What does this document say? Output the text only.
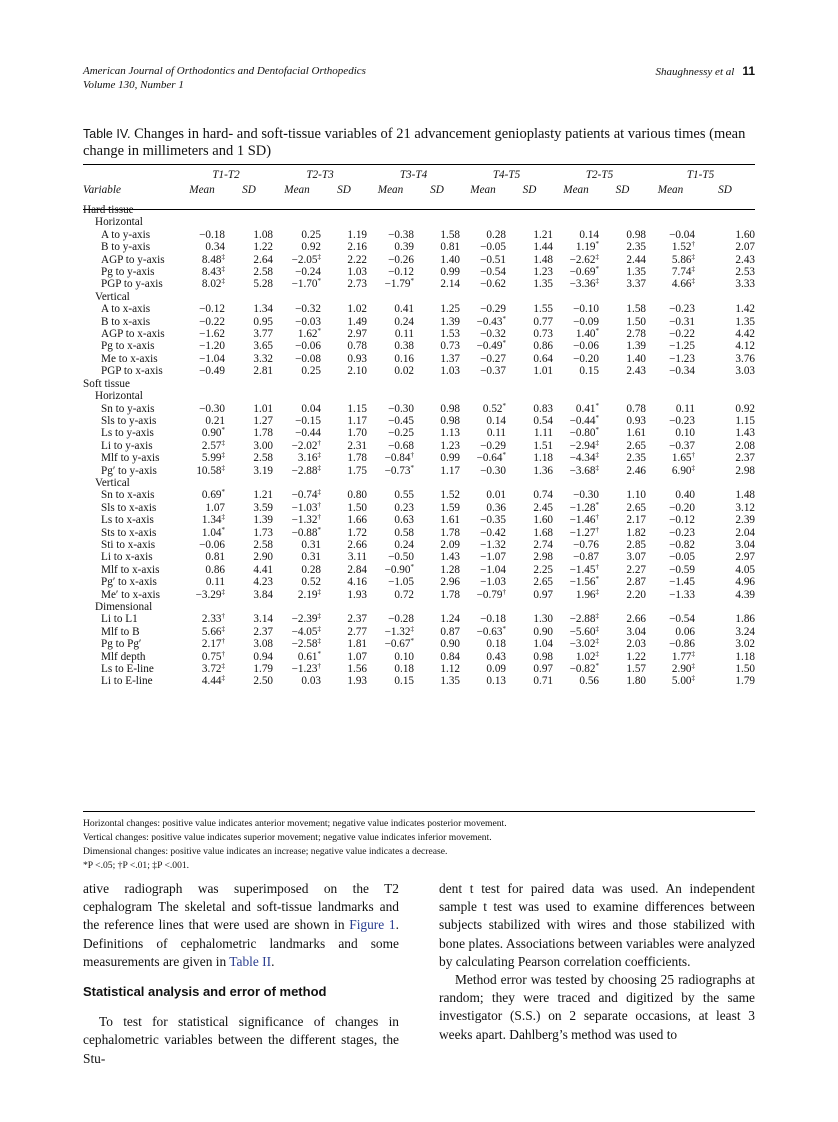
American Journal of Orthodontics and Dentofacial Orthopedics
Volume 130, Number 1
Shaughnessy et al 11
Table IV. Changes in hard- and soft-tissue variables of 21 advancement genioplasty patients at various times (mean change in millimeters and 1 SD)
	T1-T2		T2-T3		T3-T4		T4-T5		T2-T5		T1-T5		
Variable	Mean	SD	Mean	SD	Mean	SD	Mean	SD	Mean	SD	Mean	SD	

Hard tissue													
Horizontal													
A to y-axis	−0.18	1.08	0.25	1.19	−0.38	1.58	0.28	1.21	0.14	0.98	−0.04	1.60	
B to y-axis	0.34	1.22	0.92	2.16	0.39	0.81	−0.05	1.44	1.19*	2.35	1.52†	2.07	
AGP to y-axis	8.48‡	2.64	−2.05‡	2.22	−0.26	1.40	−0.51	1.48	−2.62‡	2.44	5.86‡	2.43	
Pg to y-axis	8.43‡	2.58	−0.24	1.03	−0.12	0.99	−0.54	1.23	−0.69*	1.35	7.74‡	2.53	
PGP to y-axis	8.02‡	5.28	−1.70*	2.73	−1.79*	2.14	−0.62	1.35	−3.36‡	3.37	4.66‡	3.33	
Vertical													
A to x-axis	−0.12	1.34	−0.32	1.02	0.41	1.25	−0.29	1.55	−0.10	1.58	−0.23	1.42	
B to x-axis	−0.22	0.95	−0.03	1.49	0.24	1.39	−0.43*	0.77	−0.09	1.50	−0.31	1.35	
AGP to x-axis	−1.62	3.77	1.62*	2.97	0.11	1.53	−0.32	0.73	1.40*	2.78	−0.22	4.42	
Pg to x-axis	−1.20	3.65	−0.06	0.78	0.38	0.73	−0.49*	0.86	−0.06	1.39	−1.25	4.12	
Me to x-axis	−1.04	3.32	−0.08	0.93	0.16	1.37	−0.27	0.64	−0.20	1.40	−1.23	3.76	
PGP to x-axis	−0.49	2.81	0.25	2.10	0.02	1.03	−0.37	1.01	0.15	2.43	−0.34	3.03	
Soft tissue													
Horizontal													
Sn to y-axis	−0.30	1.01	0.04	1.15	−0.30	0.98	0.52*	0.83	0.41*	0.78	0.11	0.92	
Sls to y-axis	0.21	1.27	−0.15	1.17	−0.45	0.98	0.14	0.54	−0.44*	0.93	−0.23	1.15	
Ls to y-axis	0.90*	1.78	−0.44	1.70	−0.25	1.13	0.11	1.11	−0.80*	1.61	0.10	1.43	
Li to y-axis	2.57‡	3.00	−2.02†	2.31	−0.68	1.23	−0.29	1.51	−2.94‡	2.65	−0.37	2.08	
Mlf to y-axis	5.99‡	2.58	3.16‡	1.78	−0.84†	0.99	−0.64*	1.18	−4.34‡	2.35	1.65†	2.37	
Pg′ to y-axis	10.58‡	3.19	−2.88‡	1.75	−0.73*	1.17	−0.30	1.36	−3.68‡	2.46	6.90‡	2.98	
Vertical													
Sn to x-axis	0.69*	1.21	−0.74‡	0.80	0.55	1.52	0.01	0.74	−0.30	1.10	0.40	1.48	
Sls to x-axis	1.07	3.59	−1.03†	1.50	0.23	1.59	0.36	2.45	−1.28*	2.65	−0.20	3.12	
Ls to x-axis	1.34‡	1.39	−1.32†	1.66	0.63	1.61	−0.35	1.60	−1.46†	2.17	−0.12	2.39	
Sts to x-axis	1.04*	1.73	−0.88*	1.72	0.58	1.78	−0.42	1.68	−1.27†	1.82	−0.23	2.04	
Sti to x-axis	−0.06	2.58	0.31	2.66	0.24	2.09	−1.32	2.74	−0.76	2.85	−0.82	3.04	
Li to x-axis	0.81	2.90	0.31	3.11	−0.50	1.43	−1.07	2.98	−0.87	3.07	−0.05	2.97	
Mlf to x-axis	0.86	4.41	0.28	2.84	−0.90*	1.28	−1.04	2.25	−1.45†	2.27	−0.59	4.05	
Pg′ to x-axis	0.11	4.23	0.52	4.16	−1.05	2.96	−1.03	2.65	−1.56*	2.87	−1.45	4.96	
Me′ to x-axis	−3.29‡	3.84	2.19‡	1.93	0.72	1.78	−0.79†	0.97	1.96‡	2.20	−1.33	4.39	
Dimensional													
Li to L1	2.33†	3.14	−2.39‡	2.37	−0.28	1.24	−0.18	1.30	−2.88‡	2.66	−0.54	1.86	
Mlf to B	5.66‡	2.37	−4.05‡	2.77	−1.32‡	0.87	−0.63*	0.90	−5.60‡	3.04	0.06	3.24	
Pg to Pg′	2.17†	3.08	−2.58‡	1.81	−0.67*	0.90	0.18	1.04	−3.02‡	2.03	−0.86	3.02	
Mlf depth	0.75†	0.94	0.61*	1.07	0.10	0.84	0.43	0.98	1.02‡	1.22	1.77‡	1.18	
Ls to E-line	3.72‡	1.79	−1.23†	1.56	0.18	1.12	0.09	0.97	−0.82*	1.57	2.90‡	1.50	
Li to E-line	4.44‡	2.50	0.03	1.93	0.15	1.35	0.13	0.71	0.56	1.80	5.00‡	1.79	
Horizontal changes: positive value indicates anterior movement; negative value indicates posterior movement.
Vertical changes: positive value indicates superior movement; negative value indicates inferior movement.
Dimensional changes: positive value indicates an increase; negative value indicates a decrease.
*P <.05; †P <.01; ‡P <.001.

ative radiograph was superimposed on the T2 cephalogram The skeletal and soft-tissue landmarks and the reference lines that were used are shown in Figure 1. Definitions of cephalometric landmarks and some measurements are given in Table II.

Statistical analysis and error of method

To test for statistical significance of changes in cephalometric variables between the different stages, the Stu-

dent t test for paired data was used. An independent sample t test was used to examine differences between subjects stabilized with wires and those stabilized with bone plates. Associations between variables were analyzed by calculating Pearson correlation coefficients.

Method error was tested by choosing 25 radiographs at random; they were traced and digitized by the same investigator (S.S.) on 2 separate occasions, at least 3 weeks apart. Dahlberg’s method was used to
